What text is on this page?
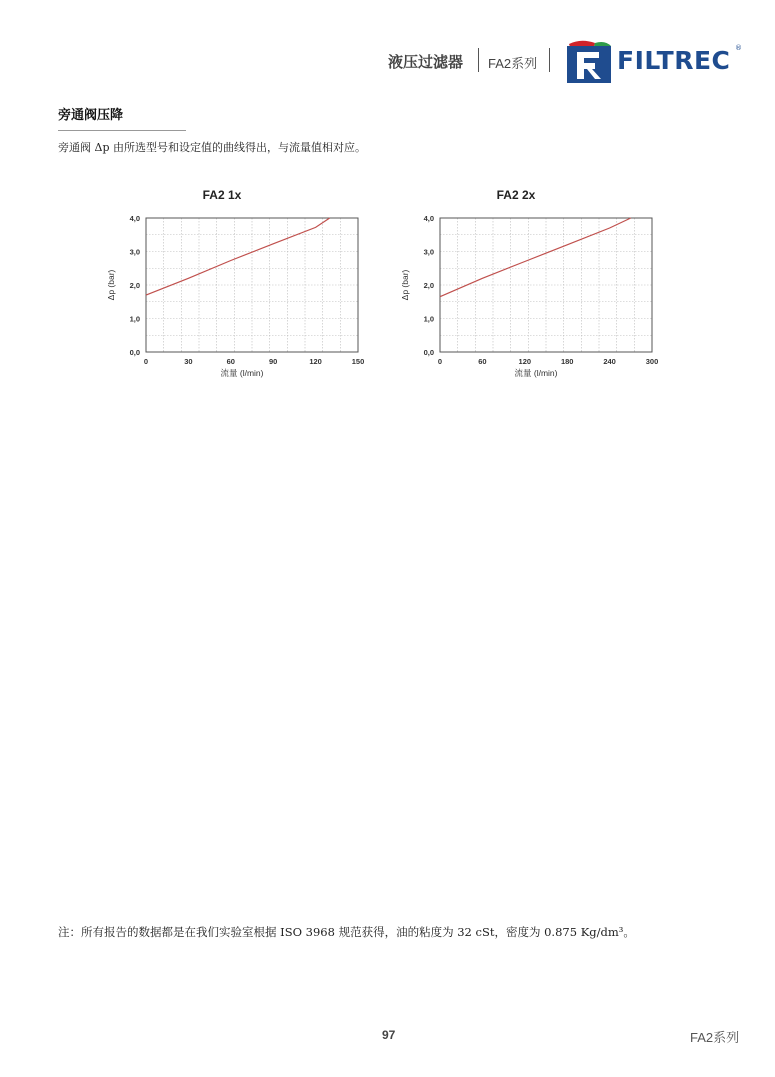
液压过滤器 FA2系列	FILTREC ®
旁通阀压降
旁通阀 Δp 由所选型号和设定值的曲线得出，与流量值相对应。
FA2 1x
0,0
1,0
2,0
3,0
4,0
0	30	60	90	120	150
流量 (l/min)
Δp (bar)
FA2 2x
0,0
1,0
2,0
3,0
4,0
0	60	120	180	240	300
流量 (l/min)
Δp (bar)
注：所有报告的数据都是在我们实验室根据 ISO 3968 规范获得，油的粘度为 32 cSt，密度为 0.875 Kg/dm³。
97	FA2系列
